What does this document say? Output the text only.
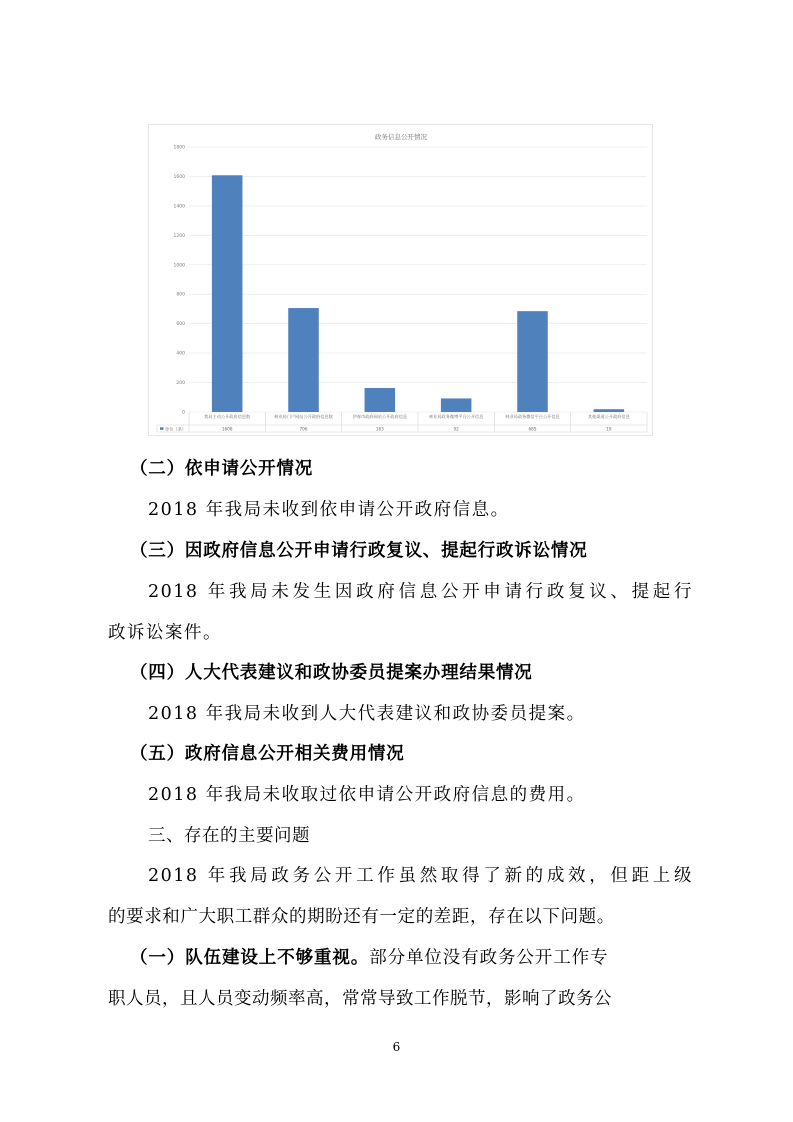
政务信息公开情况
0
200
400
600
800
1000
1200
1400
1600
1800
我局主动公开政府信息数
1608
林业局门户网站公开政府信息数
706
伊春市政府网站公开政府信息
163
林业局政务微博平台公开信息
92
林业局政务微信平台公开信息
685
其他渠道公开政府信息
19
单位（条）
（二）依申请公开情况
2018 年我局未收到依申请公开政府信息。
（三）因政府信息公开申请行政复议、提起行政诉讼情况
2018 年我局未发生因政府信息公开申请行政复议、提起行
政诉讼案件。
（四）人大代表建议和政协委员提案办理结果情况
2018 年我局未收到人大代表建议和政协委员提案。
（五）政府信息公开相关费用情况
2018 年我局未收取过依申请公开政府信息的费用。
三、存在的主要问题
2018 年我局政务公开工作虽然取得了新的成效，但距上级
的要求和广大职工群众的期盼还有一定的差距，存在以下问题。
（一）队伍建设上不够重视。部分单位没有政务公开工作专
职人员，且人员变动频率高，常常导致工作脱节，影响了政务公
6
